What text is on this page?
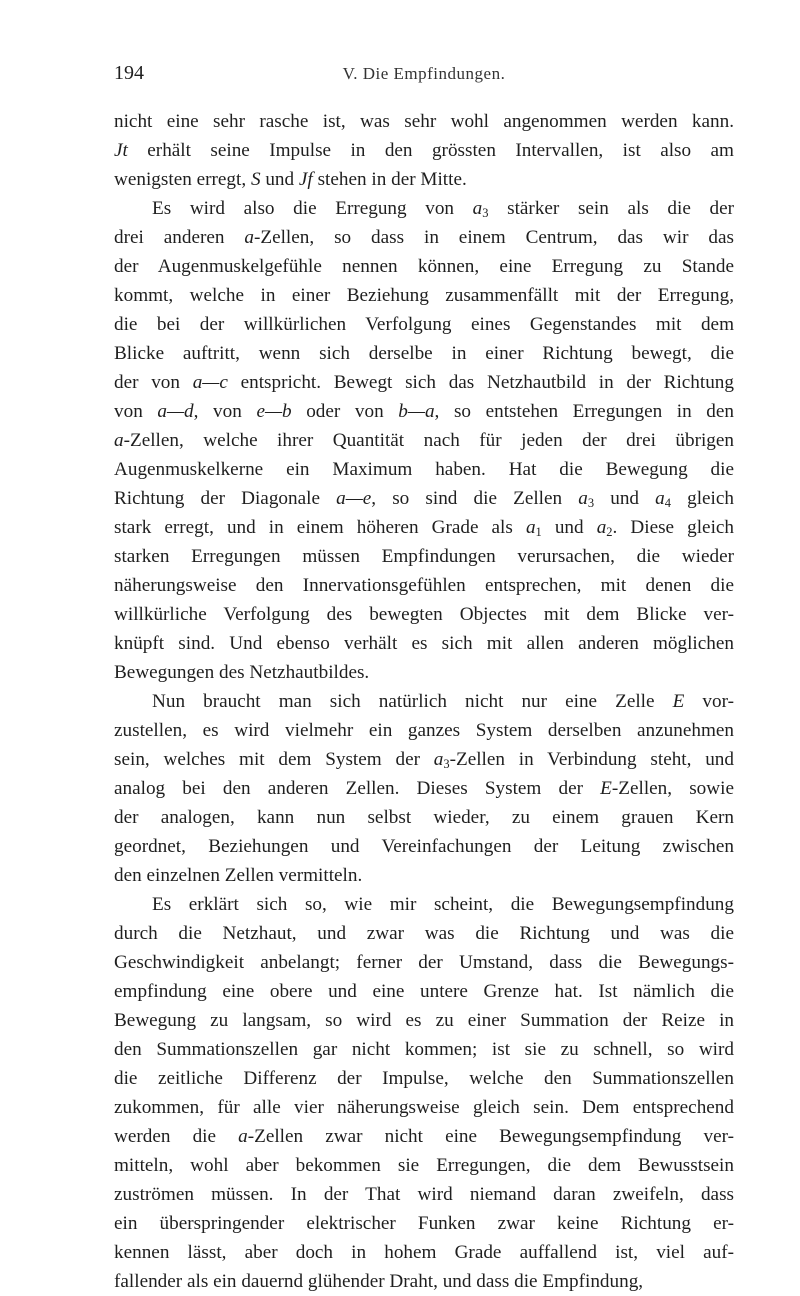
194	V. Die Empfindungen.
nicht eine sehr rasche ist, was sehr wohl angenommen werden kann.
Jt erhält seine Impulse in den grössten Intervallen, ist also am
wenigsten erregt, S und Jf stehen in der Mitte.
Es wird also die Erregung von $a_3$ stärker sein als die der
drei anderen a-Zellen, so dass in einem Centrum, das wir das
der Augenmuskelgefühle nennen können, eine Erregung zu Stande
kommt, welche in einer Beziehung zusammenfällt mit der Erregung,
die bei der willkürlichen Verfolgung eines Gegenstandes mit dem
Blicke auftritt, wenn sich derselbe in einer Richtung bewegt, die
der von a—c entspricht. Bewegt sich das Netzhautbild in der Richtung
von a—d, von e—b oder von b—a, so entstehen Erregungen in den
a-Zellen, welche ihrer Quantität nach für jeden der drei übrigen
Augenmuskelkerne ein Maximum haben. Hat die Bewegung die
Richtung der Diagonale a—e, so sind die Zellen $a_3$ und $a_4$ gleich
stark erregt, und in einem höheren Grade als $a_1$ und $a_2$. Diese gleich
starken Erregungen müssen Empfindungen verursachen, die wieder
näherungsweise den Innervationsgefühlen entsprechen, mit denen die
willkürliche Verfolgung des bewegten Objectes mit dem Blicke ver-
knüpft sind. Und ebenso verhält es sich mit allen anderen möglichen
Bewegungen des Netzhautbildes.
Nun braucht man sich natürlich nicht nur eine Zelle E vor-
zustellen, es wird vielmehr ein ganzes System derselben anzunehmen
sein, welches mit dem System der $a_3$-Zellen in Verbindung steht, und
analog bei den anderen Zellen. Dieses System der E-Zellen, sowie
der analogen, kann nun selbst wieder, zu einem grauen Kern
geordnet, Beziehungen und Vereinfachungen der Leitung zwischen
den einzelnen Zellen vermitteln.
Es erklärt sich so, wie mir scheint, die Bewegungsempfindung
durch die Netzhaut, und zwar was die Richtung und was die
Geschwindigkeit anbelangt; ferner der Umstand, dass die Bewegungs-
empfindung eine obere und eine untere Grenze hat. Ist nämlich die
Bewegung zu langsam, so wird es zu einer Summation der Reize in
den Summationszellen gar nicht kommen; ist sie zu schnell, so wird
die zeitliche Differenz der Impulse, welche den Summationszellen
zukommen, für alle vier näherungsweise gleich sein. Dem entsprechend
werden die a-Zellen zwar nicht eine Bewegungsempfindung ver-
mitteln, wohl aber bekommen sie Erregungen, die dem Bewusstsein
zuströmen müssen. In der That wird niemand daran zweifeln, dass
ein überspringender elektrischer Funken zwar keine Richtung er-
kennen lässt, aber doch in hohem Grade auffallend ist, viel auf-
fallender als ein dauernd glühender Draht, und dass die Empfindung,
